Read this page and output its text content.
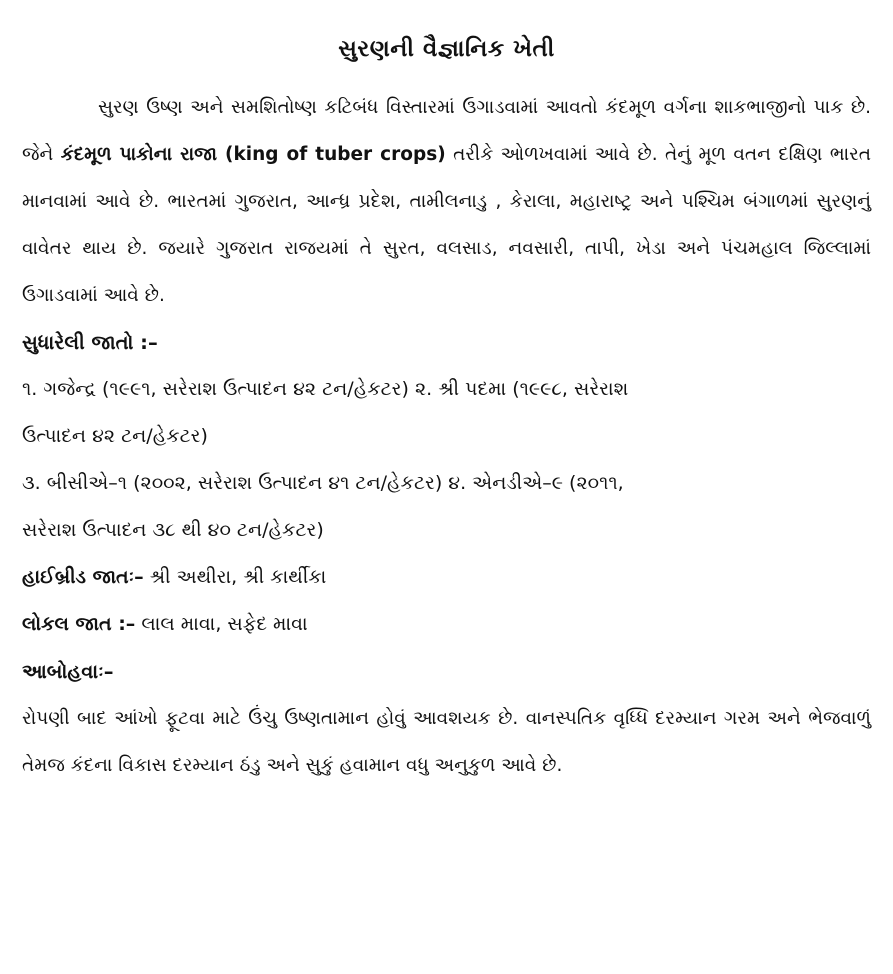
સુરણની વૈજ્ઞાનિક ખેતી

સુરણ ઉષ્ણ અને સમશિતોષ્ણ કટિબંધ વિસ્તારમાં ઉગાડવામાં આવતો કંદમૂળ વર્ગના શાકભાજીનો પાક છે. જેને કંદમૂળ પાકોના રાજા (king of tuber crops) તરીકે ઓળખવામાં આવે છે. તેનું મૂળ વતન દક્ષિણ ભારત માનવામાં આવે છે. ભારતમાં ગુજરાત, આન્ધ્ર પ્રદેશ, તામીલનાડુ , કેરાલા, મહારાષ્ટ્ર અને પશ્ચિમ બંગાળમાં સુરણનું વાવેતર થાય છે. જયારે ગુજરાત રાજયમાં તે સુરત, વલસાડ, નવસારી, તાપી, ખેડા અને પંચમહાલ જિલ્લામાં ઉગાડવામાં આવે છે.

સુધારેલી જાતો :–

૧. ગજેન્દ્ર (૧૯૯૧, સરેરાશ ઉત્પાદન ૪૨ ટન/હેકટર) ૨. શ્રી પદમા (૧૯૯૮, સરેરાશ

ઉત્પાદન ૪૨ ટન/હેકટર)

૩. બીસીએ–૧ (૨૦૦૨, સરેરાશ ઉત્પાદન ૪૧ ટન/હેકટર) ૪. એનડીએ–૯ (૨૦૧૧,

સરેરાશ ઉત્પાદન ૩૮ થી ૪૦ ટન/હેકટર)

હાઈબ્રીડ જાતઃ– શ્રી અથીરા, શ્રી કાર્થીકા

લોકલ જાત :– લાલ માવા, સફેદ માવા

આબોહવાઃ–

રોપણી બાદ આંખો ફૂટવા માટે ઉંચુ ઉષ્ણતામાન હોવું આવશયક છે. વાનસ્પતિક વૃધ્ધિ દરમ્યાન ગરમ અને ભેજવાળું તેમજ કંદના વિકાસ દરમ્યાન ઠંડુ અને સુકું હવામાન વધુ અનુકુળ આવે છે.
